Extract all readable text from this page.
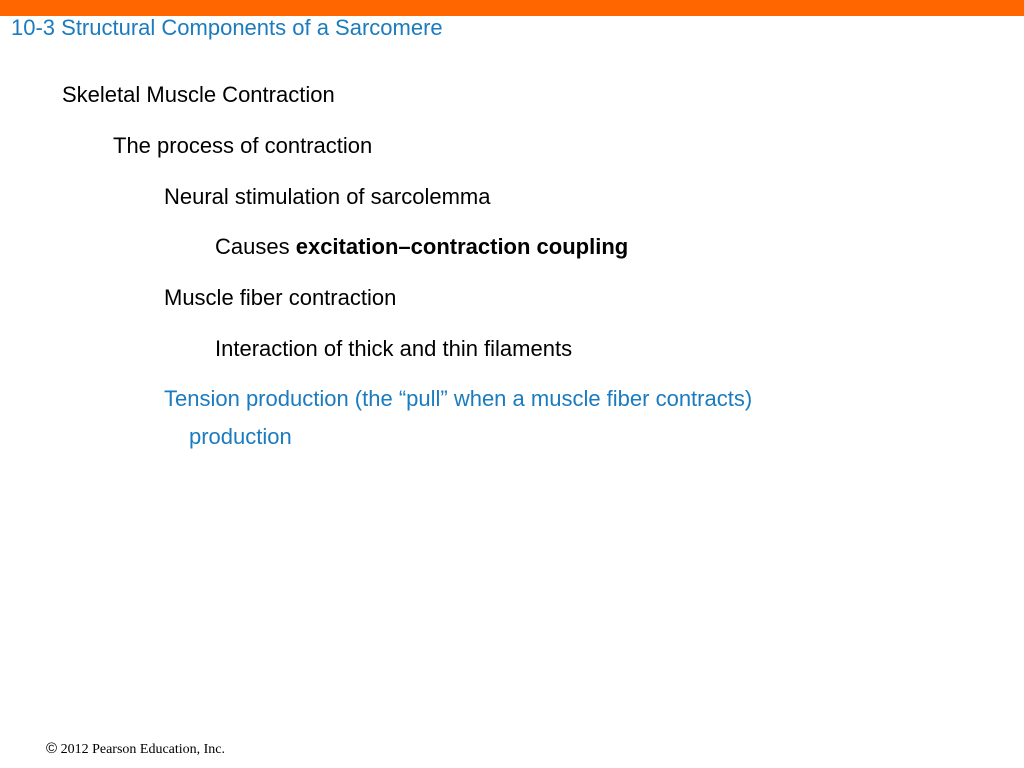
10-3 Structural Components of a Sarcomere
Skeletal Muscle Contraction
The process of contraction
Neural stimulation of sarcolemma
Causes excitation–contraction coupling
Muscle fiber contraction
Interaction of thick and thin filaments
Tension production (the “pull” when a muscle fiber contracts)
production
© 2012 Pearson Education, Inc.
